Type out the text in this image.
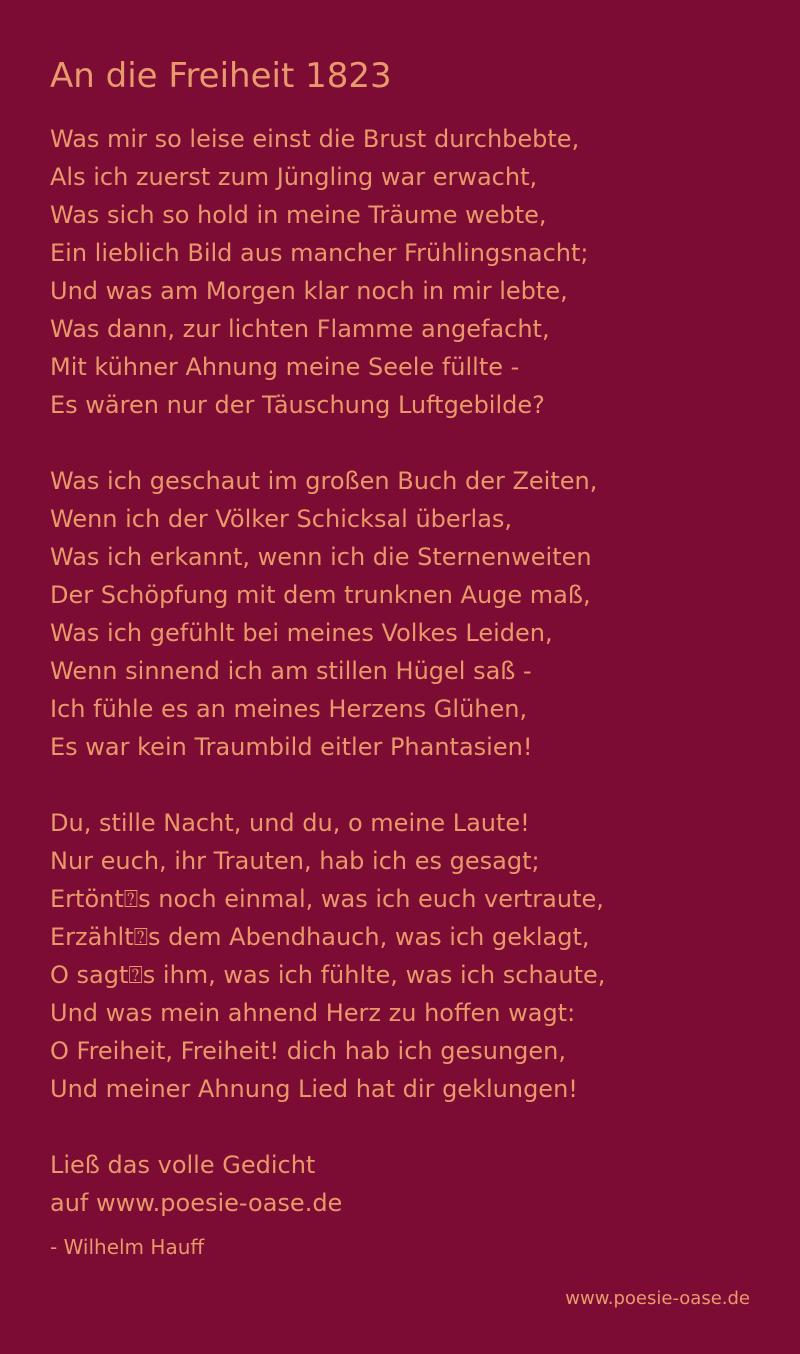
An die Freiheit 1823
Was mir so leise einst die Brust durchbebte,
Als ich zuerst zum Jüngling war erwacht,
Was sich so hold in meine Träume webte,
Ein lieblich Bild aus mancher Frühlingsnacht;
Und was am Morgen klar noch in mir lebte,
Was dann, zur lichten Flamme angefacht,
Mit kühner Ahnung meine Seele füllte -
Es wären nur der Täuschung Luftgebilde?
Was ich geschaut im großen Buch der Zeiten,
Wenn ich der Völker Schicksal überlas,
Was ich erkannt, wenn ich die Sternenweiten
Der Schöpfung mit dem trunknen Auge maß,
Was ich gefühlt bei meines Volkes Leiden,
Wenn sinnend ich am stillen Hügel saß -
Ich fühle es an meines Herzens Glühen,
Es war kein Traumbild eitler Phantasien!
Du, stille Nacht, und du, o meine Laute!
Nur euch, ihr Trauten, hab ich es gesagt;
Ertönt⍰s noch einmal, was ich euch vertraute,
Erzählt⍰s dem Abendhauch, was ich geklagt,
O sagt⍰s ihm, was ich fühlte, was ich schaute,
Und was mein ahnend Herz zu hoffen wagt:
O Freiheit, Freiheit! dich hab ich gesungen,
Und meiner Ahnung Lied hat dir geklungen!
Ließ das volle Gedicht
auf www.poesie-oase.de
- Wilhelm Hauff
www.poesie-oase.de
